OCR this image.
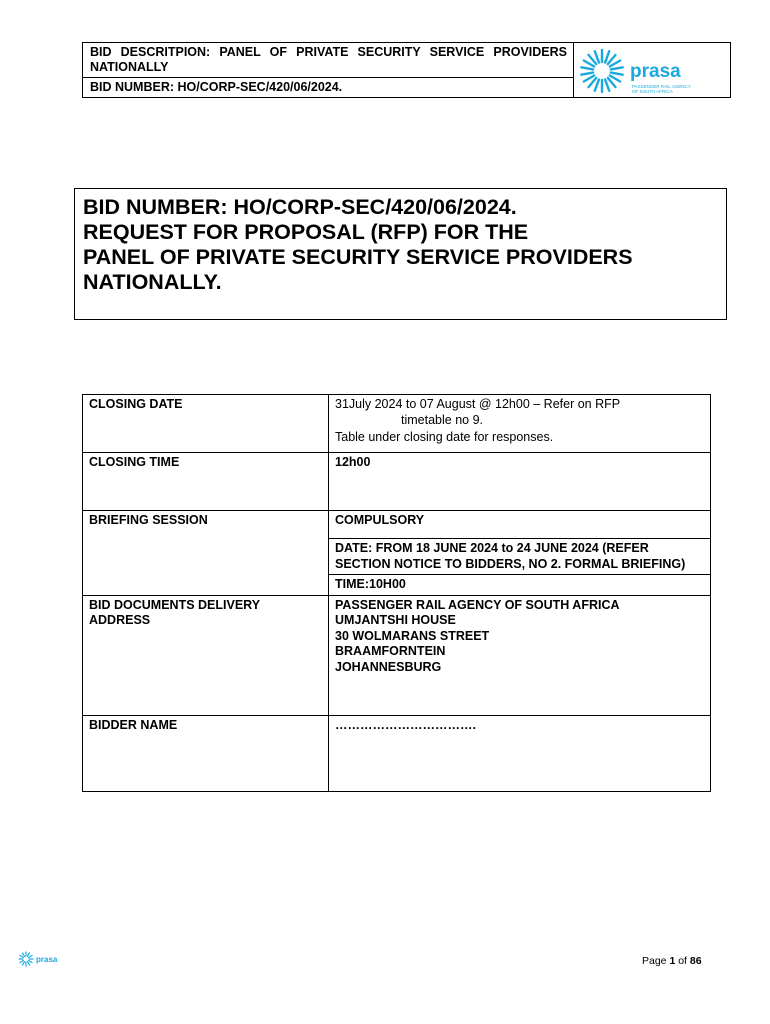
BID DESCRITPION: PANEL OF PRIVATE SECURITY SERVICE PROVIDERS NATIONALLY
BID NUMBER: HO/CORP-SEC/420/06/2024.
prasa
PASSENGER RAIL AGENCY
OF SOUTH AFRICA
BID NUMBER: HO/CORP-SEC/420/06/2024.
REQUEST FOR PROPOSAL (RFP) FOR THE
PANEL OF PRIVATE SECURITY SERVICE PROVIDERS
NATIONALLY.
CLOSING DATE	31July 2024 to 07 August @ 12h00 – Refer on RFP
timetable no 9.
Table under closing date for responses.

CLOSING TIME	12h00
BRIEFING SESSION	COMPULSORY
	DATE: FROM 18 JUNE 2024 to 24 JUNE 2024 (REFER SECTION NOTICE TO BIDDERS, NO 2. FORMAL BRIEFING)
	TIME:10H00
BID DOCUMENTS DELIVERY ADDRESS	PASSENGER RAIL AGENCY OF SOUTH AFRICA
UMJANTSHI HOUSE
30 WOLMARANS STREET
BRAAMFORNTEIN
JOHANNESBURG

BIDDER NAME	…………………………….
prasa	Page 1 of 86
